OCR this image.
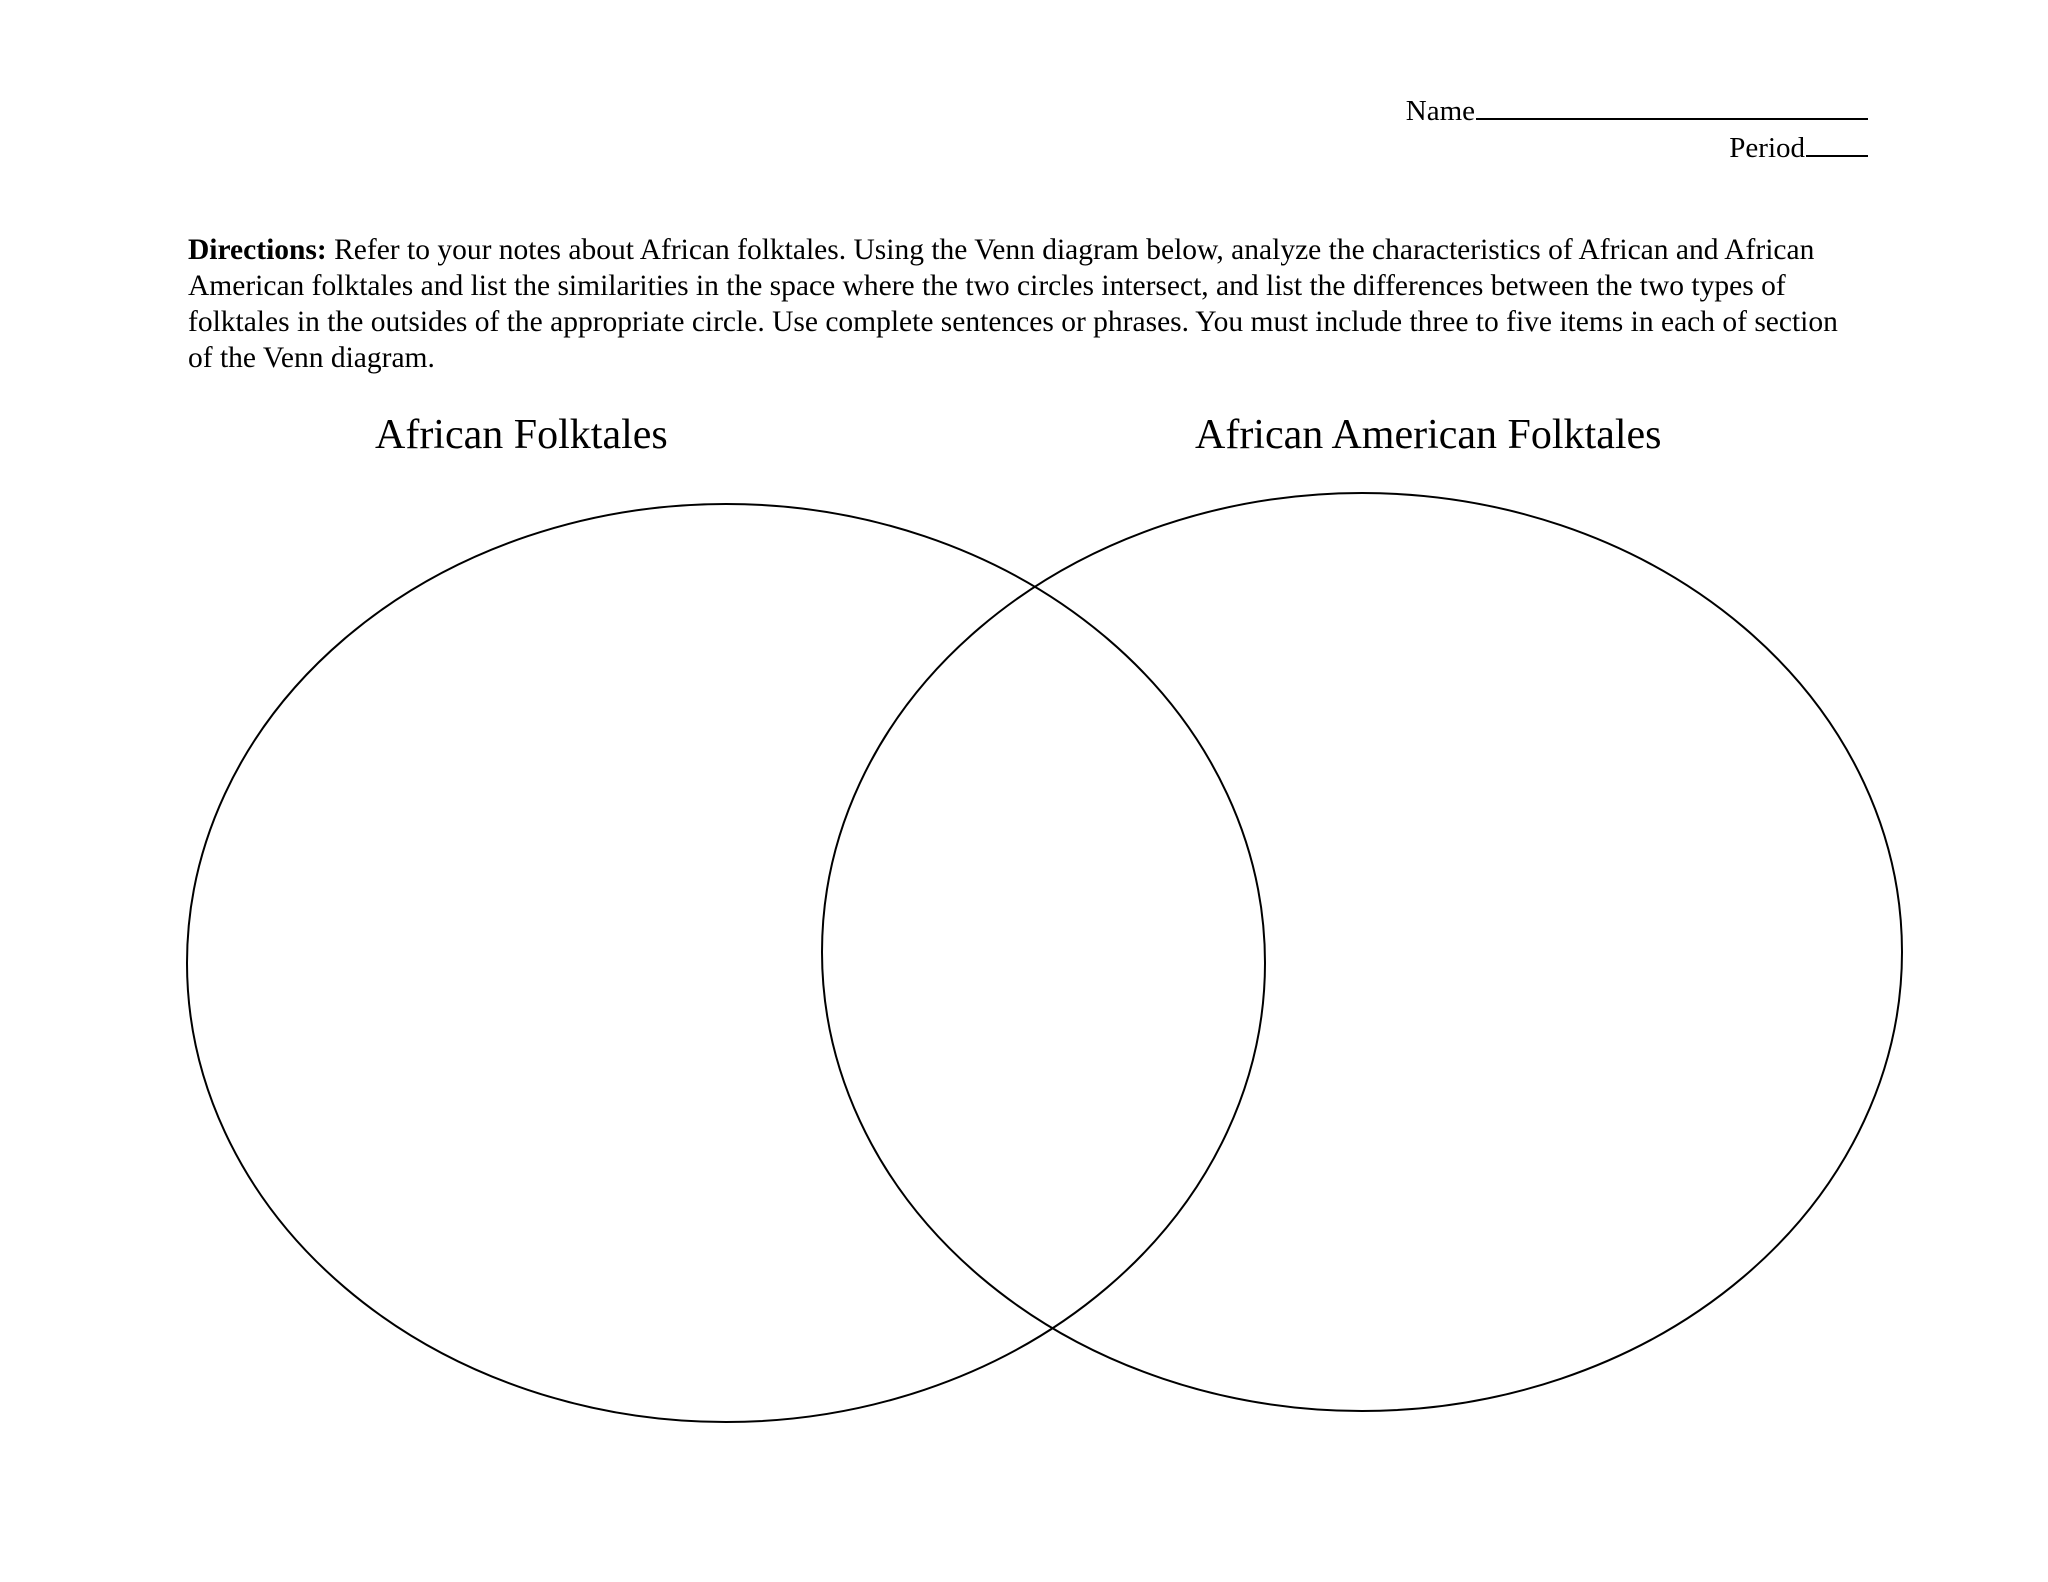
Name
Period
Directions: Refer to your notes about African folktales. Using the Venn diagram below, analyze the characteristics of African and African American folktales and list the similarities in the space where the two circles intersect, and list the differences between the two types of folktales in the outsides of the appropriate circle. Use complete sentences or phrases. You must include three to five items in each of section of the Venn diagram.
African Folktales	African American Folktales
